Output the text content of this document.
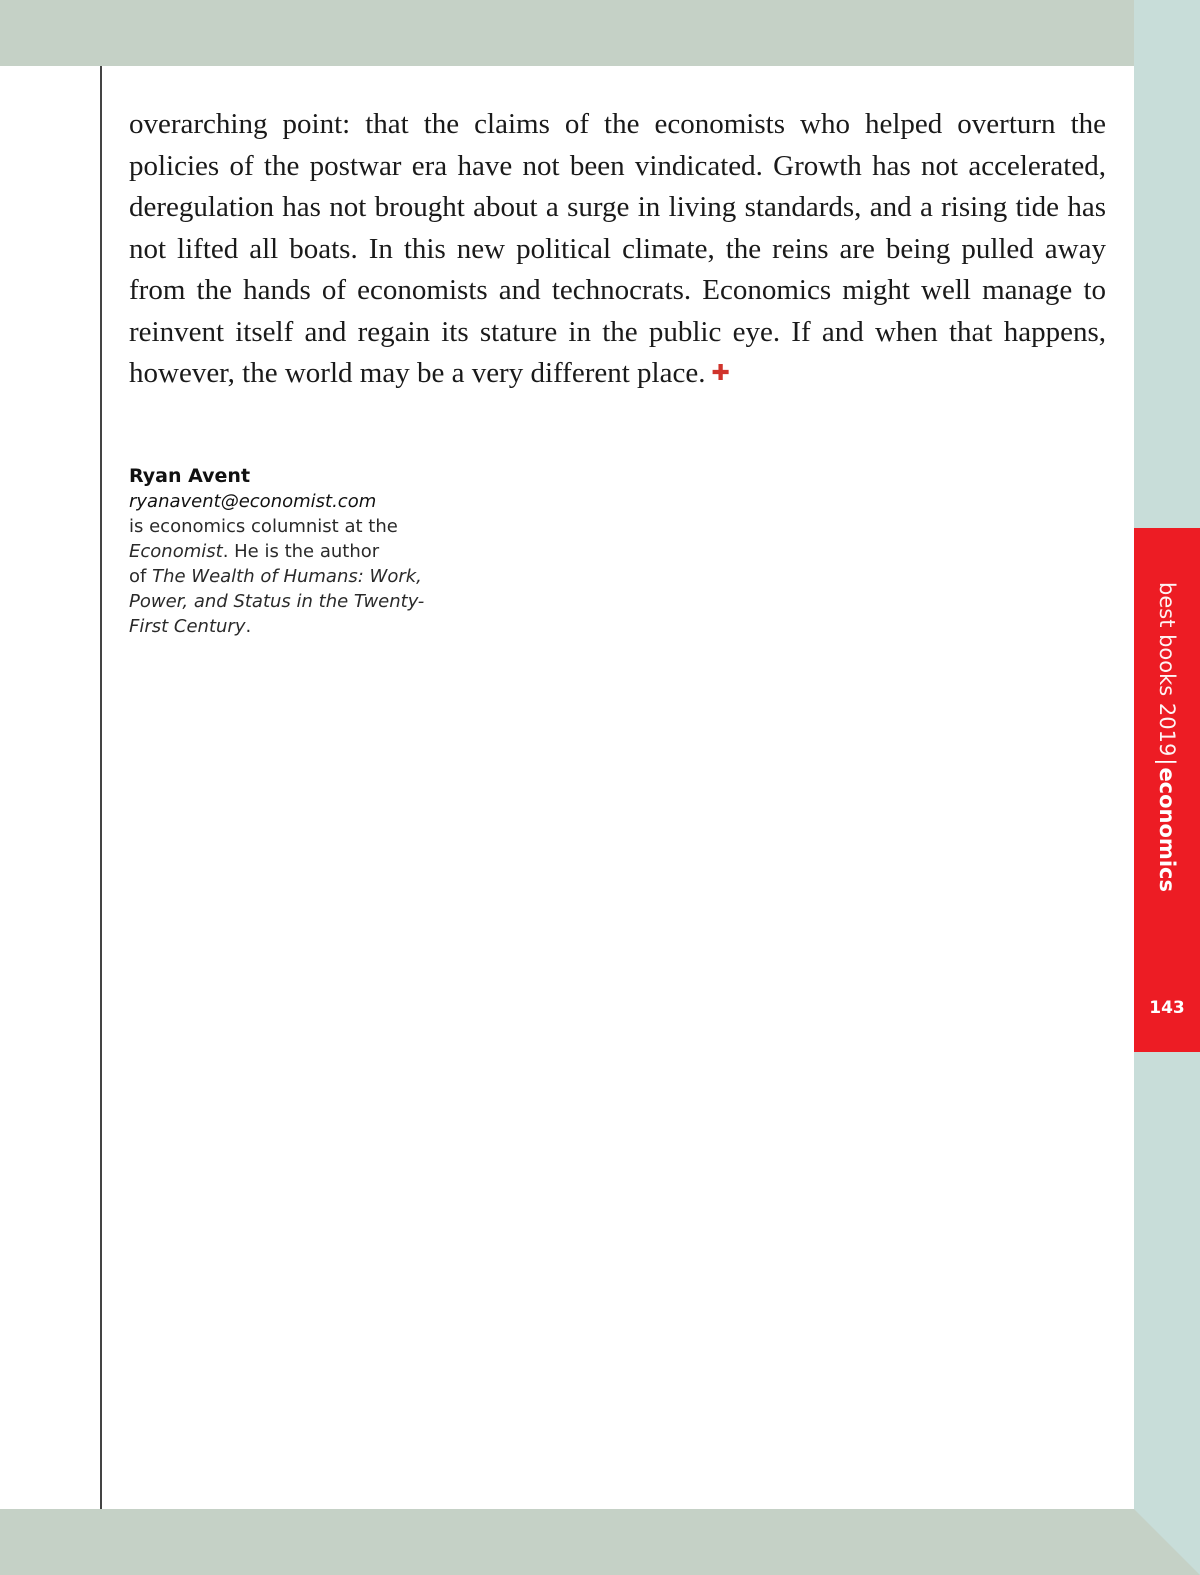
overarching point: that the claims of the economists who helped overturn the policies of the postwar era have not been vindicated. Growth has not accelerated, deregulation has not brought about a surge in living standards, and a rising tide has not lifted all boats. In this new political climate, the reins are being pulled away from the hands of economists and technocrats. Economics might well manage to reinvent itself and regain its stature in the public eye. If and when that happens, however, the world may be a very different place. ✚

Ryan Avent
ryanavent@economist.com
is economics columnist at the
Economist. He is the author
of The Wealth of Humans: Work, Power, and Status in the Twenty-First Century.	best books 2019|economics
143
